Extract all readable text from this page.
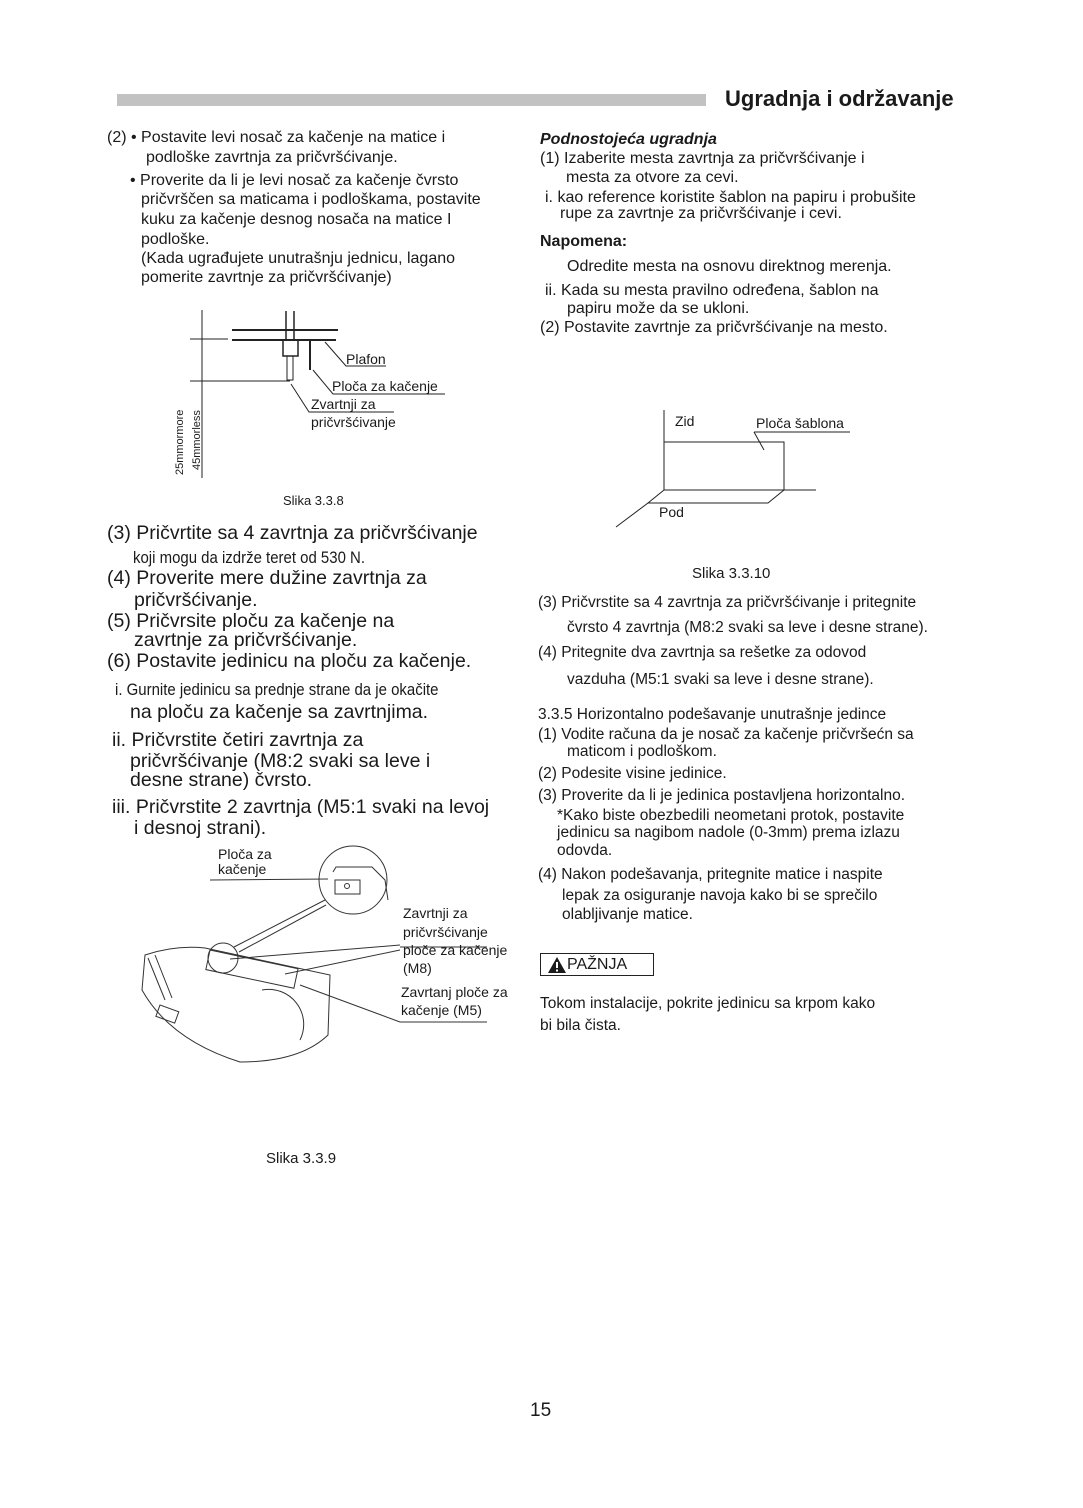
Ugradnja i održavanje
(2) • Postavite levi nosač za kačenje na matice i
podloške zavrtnja za pričvršćivanje.
• Proverite da li je levi nosač za kačenje čvrsto
pričvrščen sa maticama i podloškama, postavite
kuku za kačenje desnog nosača na matice I
podloške.
(Kada ugrađujete unutrašnju jednicu, lagano
pomerite zavrtnje za pričvršćivanje)
Plafon
Ploča za kačenje
Zvartnji za
pričvršćivanje
25mmormore 45mmorless
Slika 3.3.8
(3) Pričvrtite sa 4 zavrtnja za pričvršćivanje
koji mogu da izdrže teret od 530 N.
(4) Proverite mere dužine zavrtnja za
pričvršćivanje.
(5) Pričvrsite ploču za kačenje na
zavrtnje za pričvršćivanje.
(6) Postavite jedinicu na ploču za kačenje.
i. Gurnite jedinicu sa prednje strane da je okačite
na ploču za kačenje sa zavrtnjima.
ii. Pričvrstite četiri zavrtnja za
pričvršćivanje (M8:2 svaki sa leve i
desne strane) čvrsto.
iii. Pričvrstite 2 zavrtnja (M5:1 svaki na levoj
i desnoj strani).
Ploča za
kačenje
Zavrtnji za
pričvršćivanje
ploče za kačenje
(M8)
Zavrtanj ploče za
kačenje (M5)
Slika 3.3.9
Podnostojeća ugradnja
(1) Izaberite mesta zavrtnja za pričvršćivanje i
mesta za otvore za cevi.
i. kao reference koristite šablon na papiru i probušite
rupe za zavrtnje za pričvršćivanje i cevi.
Napomena:
Odredite mesta na osnovu direktnog merenja.
ii. Kada su mesta pravilno određena, šablon na
papiru može da se ukloni.
(2) Postavite zavrtnje za pričvršćivanje na mesto.
Zid	Ploča šablona
Pod
Slika 3.3.10
(3) Pričvrstite sa 4 zavrtnja za pričvršćivanje i pritegnite
čvrsto 4 zavrtnja (M8:2 svaki sa leve i desne strane).
(4) Pritegnite dva zavrtnja sa rešetke za odovod
vazduha (M5:1 svaki sa leve i desne strane).
3.3.5 Horizontalno podešavanje unutrašnje jedince
(1) Vodite računa da je nosač za kačenje pričvršećn sa
maticom i podloškom.
(2) Podesite visine jedinice.
(3) Proverite da li je jedinica postavljena horizontalno.
*Kako biste obezbedili neometani protok, postavite
jedinicu sa nagibom nadole (0-3mm) prema izlazu
odovda.
(4) Nakon podešavanja, pritegnite matice i naspite
lepak za osiguranje navoja kako bi se sprečilo
olabljivanje matice.
PAŽNJA
Tokom instalacije, pokrite jedinicu sa krpom kako
bi bila čista.
15
